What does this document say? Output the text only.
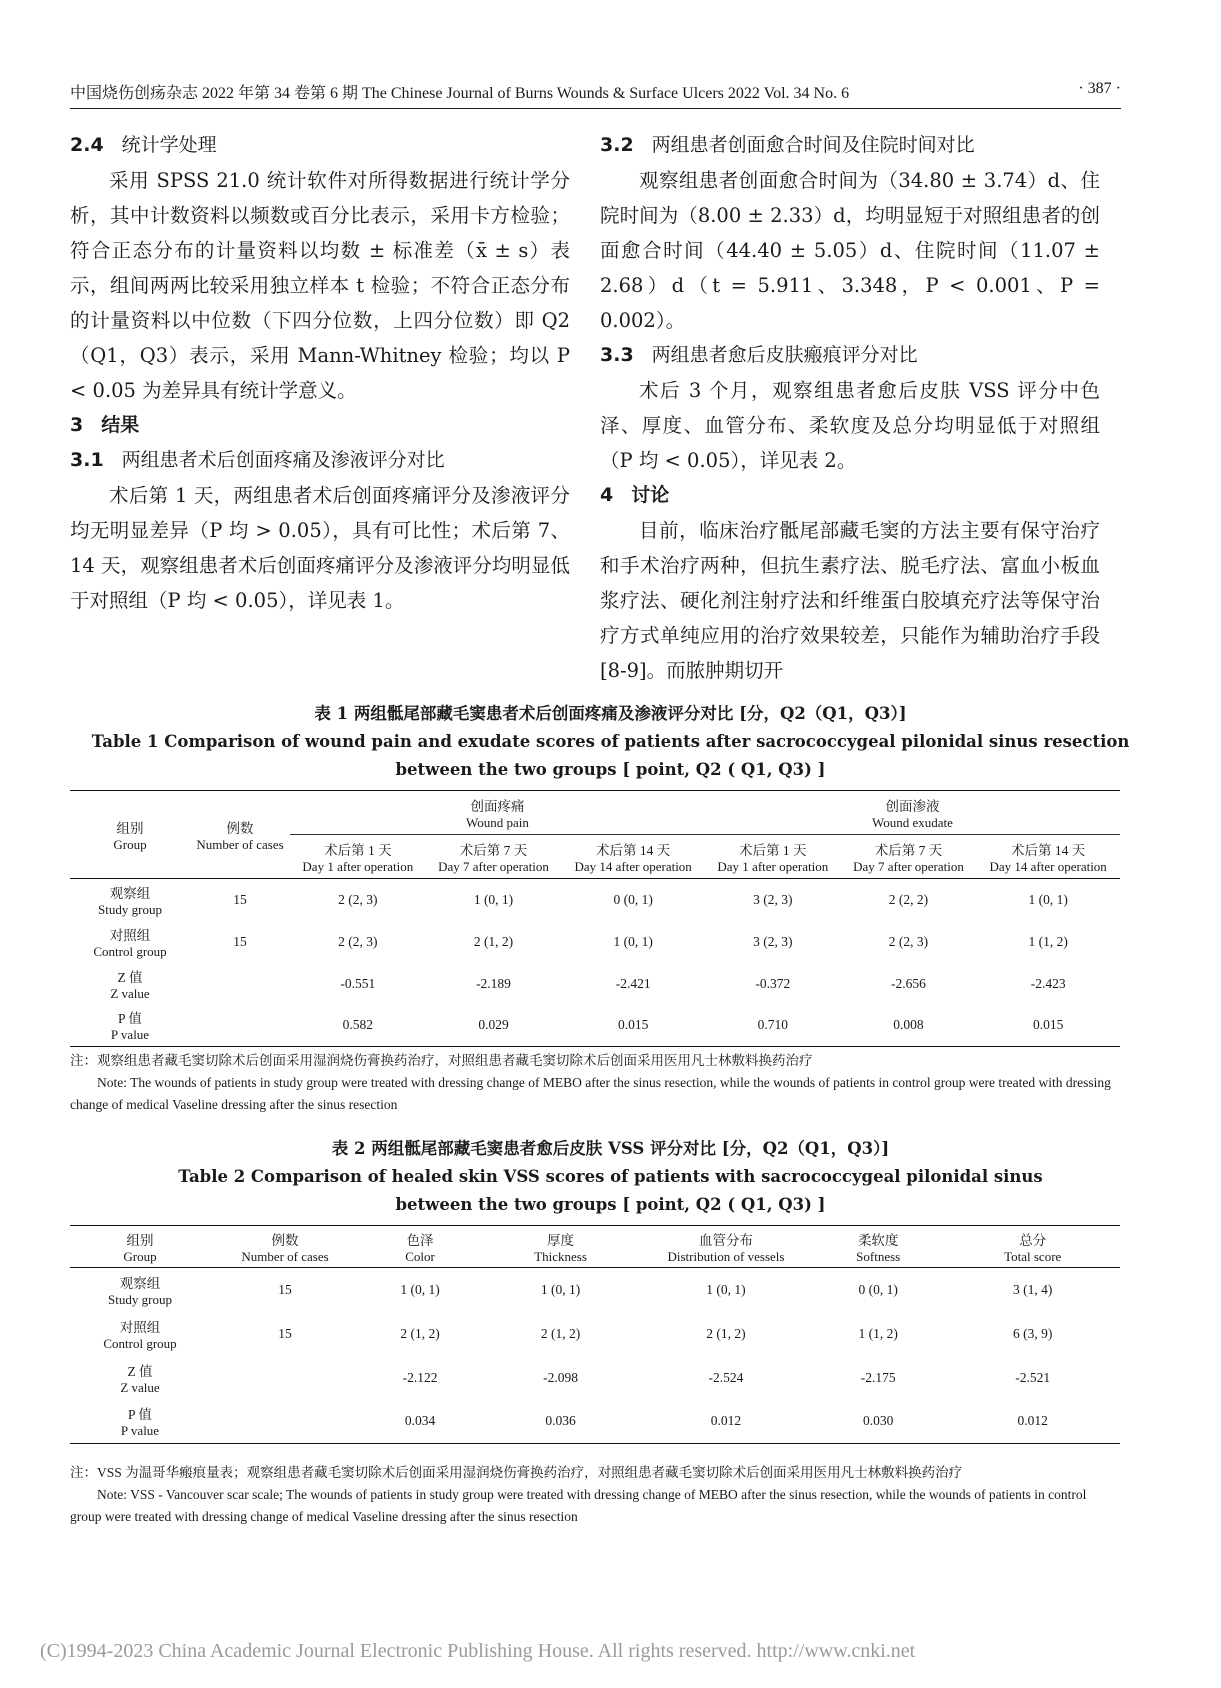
中国烧伤创疡杂志 2022 年第 34 卷第 6 期 The Chinese Journal of Burns Wounds & Surface Ulcers 2022 Vol. 34 No. 6	· 387 ·
2.4 统计学处理

采用 SPSS 21.0 统计软件对所得数据进行统计学分析，其中计数资料以频数或百分比表示，采用卡方检验；符合正态分布的计量资料以均数 ± 标准差（x̄ ± s）表示，组间两两比较采用独立样本 t 检验；不符合正态分布的计量资料以中位数（下四分位数，上四分位数）即 Q2（Q1，Q3）表示，采用 Mann-Whitney 检验；均以 P < 0.05 为差异具有统计学意义。

3 结果
3.1 两组患者术后创面疼痛及渗液评分对比

术后第 1 天，两组患者术后创面疼痛评分及渗液评分均无明显差异（P 均 > 0.05），具有可比性；术后第 7、14 天，观察组患者术后创面疼痛评分及渗液评分均明显低于对照组（P 均 < 0.05），详见表 1。

3.2 两组患者创面愈合时间及住院时间对比

观察组患者创面愈合时间为（34.80 ± 3.74）d、住院时间为（8.00 ± 2.33）d，均明显短于对照组患者的创面愈合时间（44.40 ± 5.05）d、住院时间（11.07 ± 2.68）d（t = 5.911、3.348，P < 0.001、P = 0.002）。

3.3 两组患者愈后皮肤瘢痕评分对比

术后 3 个月，观察组患者愈后皮肤 VSS 评分中色泽、厚度、血管分布、柔软度及总分均明显低于对照组（P 均 < 0.05），详见表 2。

4 讨论

目前，临床治疗骶尾部藏毛窦的方法主要有保守治疗和手术治疗两种，但抗生素疗法、脱毛疗法、富血小板血浆疗法、硬化剂注射疗法和纤维蛋白胶填充疗法等保守治疗方式单纯应用的治疗效果较差，只能作为辅助治疗手段[8-9]。而脓肿期切开

表 1 两组骶尾部藏毛窦患者术后创面疼痛及渗液评分对比 [分，Q2（Q1，Q3）]
Table 1 Comparison of wound pain and exudate scores of patients after sacrococcygeal pilonidal sinus resection
between the two groups [ point, Q2 ( Q1, Q3) ]
组别
Group	例数
Number of cases	创面疼痛
Wound pain			创面渗液
Wound exudate		

		术后第 1 天
Day 1 after operation	术后第 7 天
Day 7 after operation	术后第 14 天
Day 14 after operation	术后第 1 天
Day 1 after operation	术后第 7 天
Day 7 after operation	术后第 14 天
Day 14 after operation

观察组
Study group	15	2 (2, 3)	1 (0, 1)	0 (0, 1)	3 (2, 3)	2 (2, 2)	1 (0, 1)
对照组
Control group	15	2 (2, 3)	2 (1, 2)	1 (0, 1)	3 (2, 3)	2 (2, 3)	1 (1, 2)
Z 值
Z value		-0.551	-2.189	-2.421	-0.372	-2.656	-2.423
P 值
P value		0.582	0.029	0.015	0.710	0.008	0.015
注：观察组患者藏毛窦切除术后创面采用湿润烧伤膏换药治疗，对照组患者藏毛窦切除术后创面采用医用凡士林敷料换药治疗
Note: The wounds of patients in study group were treated with dressing change of MEBO after the sinus resection, while the wounds of patients in control group were treated with dressing change of medical Vaseline dressing after the sinus resection
表 2 两组骶尾部藏毛窦患者愈后皮肤 VSS 评分对比 [分，Q2（Q1，Q3）]
Table 2 Comparison of healed skin VSS scores of patients with sacrococcygeal pilonidal sinus
between the two groups [ point, Q2 ( Q1, Q3) ]
组别
Group	例数
Number of cases	色泽
Color	厚度
Thickness	血管分布
Distribution of vessels	柔软度
Softness	总分
Total score

观察组
Study group	15	1 (0, 1)	1 (0, 1)	1 (0, 1)	0 (0, 1)	3 (1, 4)
对照组
Control group	15	2 (1, 2)	2 (1, 2)	2 (1, 2)	1 (1, 2)	6 (3, 9)
Z 值
Z value		-2.122	-2.098	-2.524	-2.175	-2.521
P 值
P value		0.034	0.036	0.012	0.030	0.012
注：VSS 为温哥华瘢痕量表；观察组患者藏毛窦切除术后创面采用湿润烧伤膏换药治疗，对照组患者藏毛窦切除术后创面采用医用凡士林敷料换药治疗
Note: VSS - Vancouver scar scale; The wounds of patients in study group were treated with dressing change of MEBO after the sinus resection, while the wounds of patients in control group were treated with dressing change of medical Vaseline dressing after the sinus resection
(C)1994-2023 China Academic Journal Electronic Publishing House. All rights reserved. http://www.cnki.net
